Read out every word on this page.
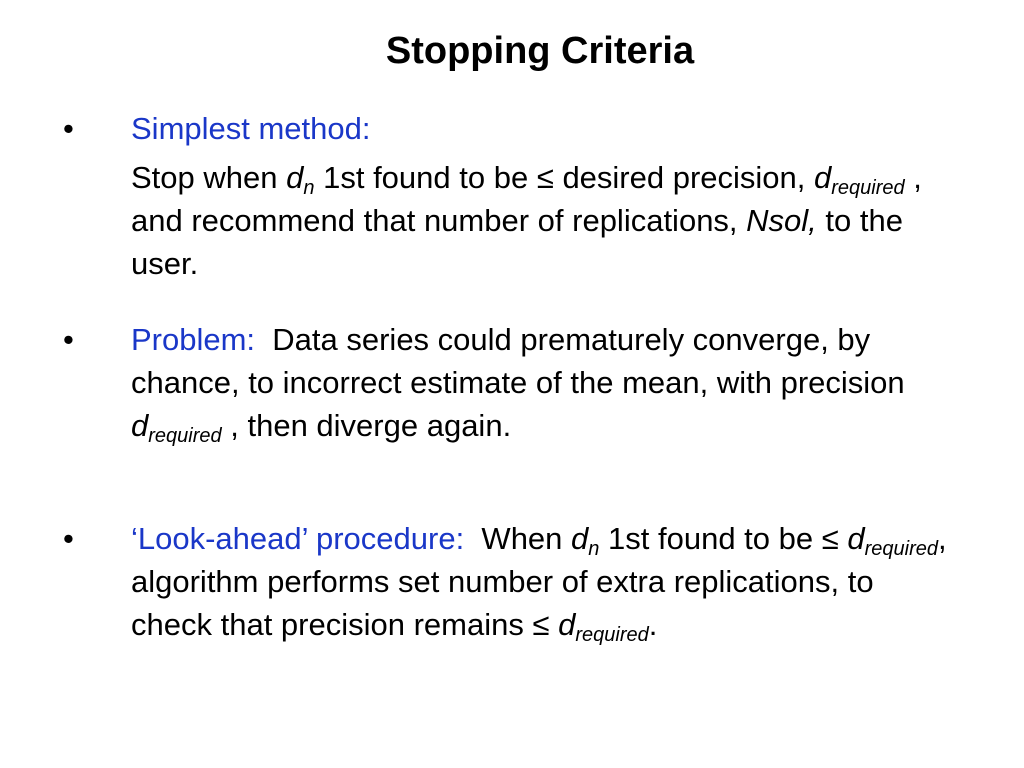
Stopping Criteria
• Simplest method:

Stop when $d_n$ 1st found to be ≤ desired precision, $d_{required}$ , and recommend that number of replications, Nsol, to the user.

• Problem:  Data series could prematurely converge, by chance, to incorrect estimate of the mean, with precision $d_{required}$ , then diverge again.

• ‘Look-ahead’ procedure:  When $d_n$ 1st found to be ≤ $d_{required}$, algorithm performs set number of extra replications, to check that precision remains ≤ $d_{required}$.
